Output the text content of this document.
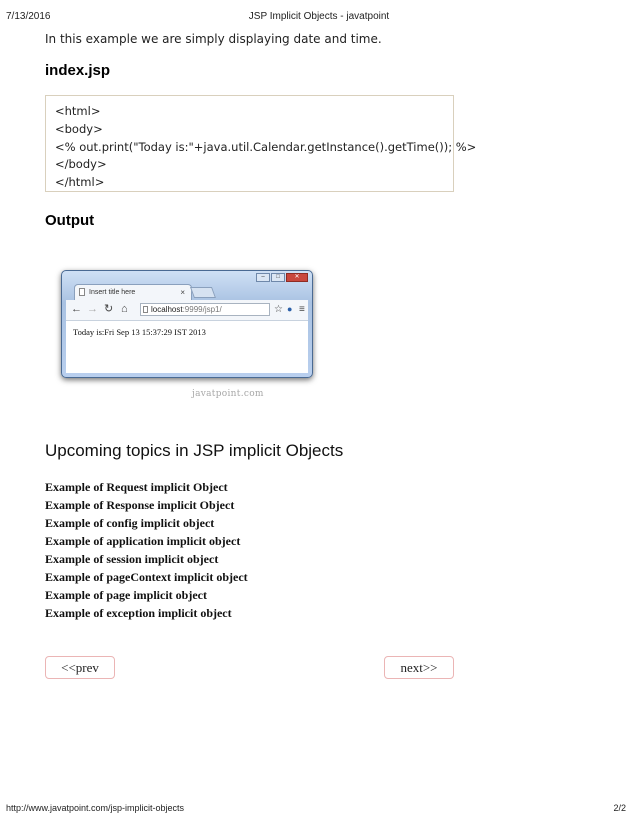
JSP Implicit Objects - javatpoint
7/13/2016
In this example we are simply displaying date and time.
index.jsp
<html>
<body>
<% out.print("Today is:"+java.util.Calendar.getInstance().getTime()); %>
</body>
</html>
Output
–	□	✕
Insert title here	×
← → ↻ ⌂	localhost:9999/jsp1/	☆ ● ≡
Today is:Fri Sep 13 15:37:29 IST 2013
javatpoint.com
Upcoming topics in JSP implicit Objects
Example of Request implicit Object
Example of Response implicit Object
Example of config implicit object
Example of application implicit object
Example of session implicit object
Example of pageContext implicit object
Example of page implicit object
Example of exception implicit object
<<prev	next>>
http://www.javatpoint.com/jsp-implicit-objects	2/2
